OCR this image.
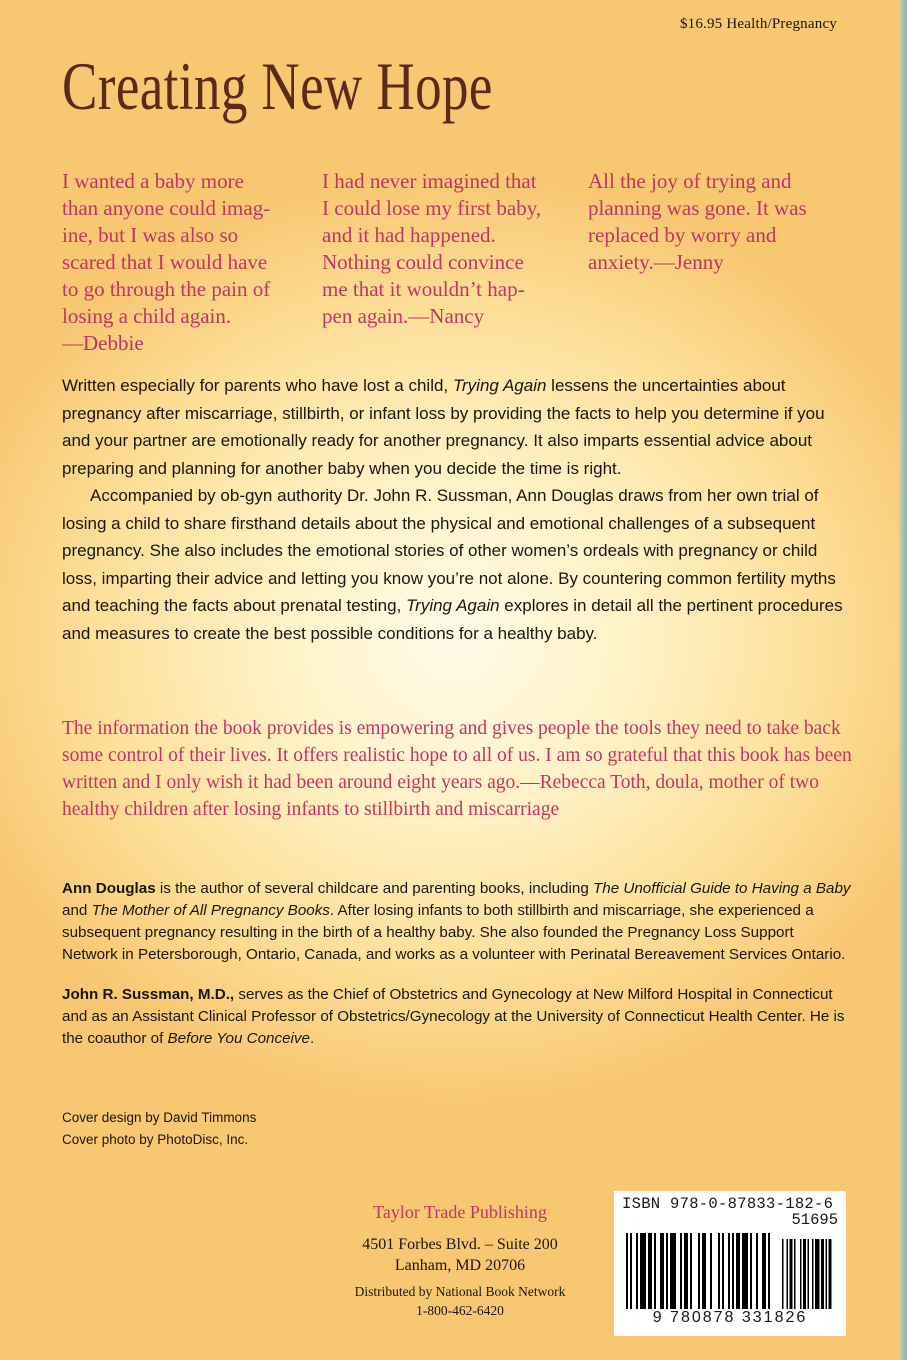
$16.95 Health/Pregnancy
Creating New Hope

I wanted a baby more

than anyone could imag-

ine, but I was also so

scared that I would have

to go through the pain of

losing a child again.

—Debbie

I had never imagined that

I could lose my first baby,

and it had happened.

Nothing could convince

me that it wouldn’t hap-

pen again.—Nancy

All the joy of trying and

planning was gone. It was

replaced by worry and

anxiety.—Jenny

Written especially for parents who have lost a child, Trying Again lessens the uncertainties about pregnancy after miscarriage, stillbirth, or infant loss by providing the facts to help you determine if you and your partner are emotionally ready for another pregnancy. It also imparts essential advice about preparing and planning for another baby when you decide the time is right.

Accompanied by ob-gyn authority Dr. John R. Sussman, Ann Douglas draws from her own trial of losing a child to share firsthand details about the physical and emotional challenges of a subsequent pregnancy. She also includes the emotional stories of other women’s ordeals with pregnancy or child loss, imparting their advice and letting you know you’re not alone. By countering common fertility myths and teaching the facts about prenatal testing, Trying Again explores in detail all the pertinent procedures and measures to create the best possible conditions for a healthy baby.

The information the book provides is empowering and gives people the tools they need to take back some control of their lives. It offers realistic hope to all of us. I am so grateful that this book has been written and I only wish it had been around eight years ago.—Rebecca Toth, doula, mother of two healthy children after losing infants to stillbirth and miscarriage

Ann Douglas is the author of several childcare and parenting books, including The Unofficial Guide to Having a Baby and The Mother of All Pregnancy Books. After losing infants to both stillbirth and miscarriage, she experienced a subsequent pregnancy resulting in the birth of a healthy baby. She also founded the Pregnancy Loss Support Network in Petersborough, Ontario, Canada, and works as a volunteer with Perinatal Bereavement Services Ontario.

John R. Sussman, M.D., serves as the Chief of Obstetrics and Gynecology at New Milford Hospital in Connecticut and as an Assistant Clinical Professor of Obstetrics/Gynecology at the University of Connecticut Health Center. He is the coauthor of Before You Conceive.

Cover design by David Timmons
Cover photo by PhotoDisc, Inc.
Taylor Trade Publishing
4501 Forbes Blvd. – Suite 200
Lanham, MD 20706
Distributed by National Book Network
1-800-462-6420
ISBN 978-0-87833-182-6
51695
9 780878 331826
